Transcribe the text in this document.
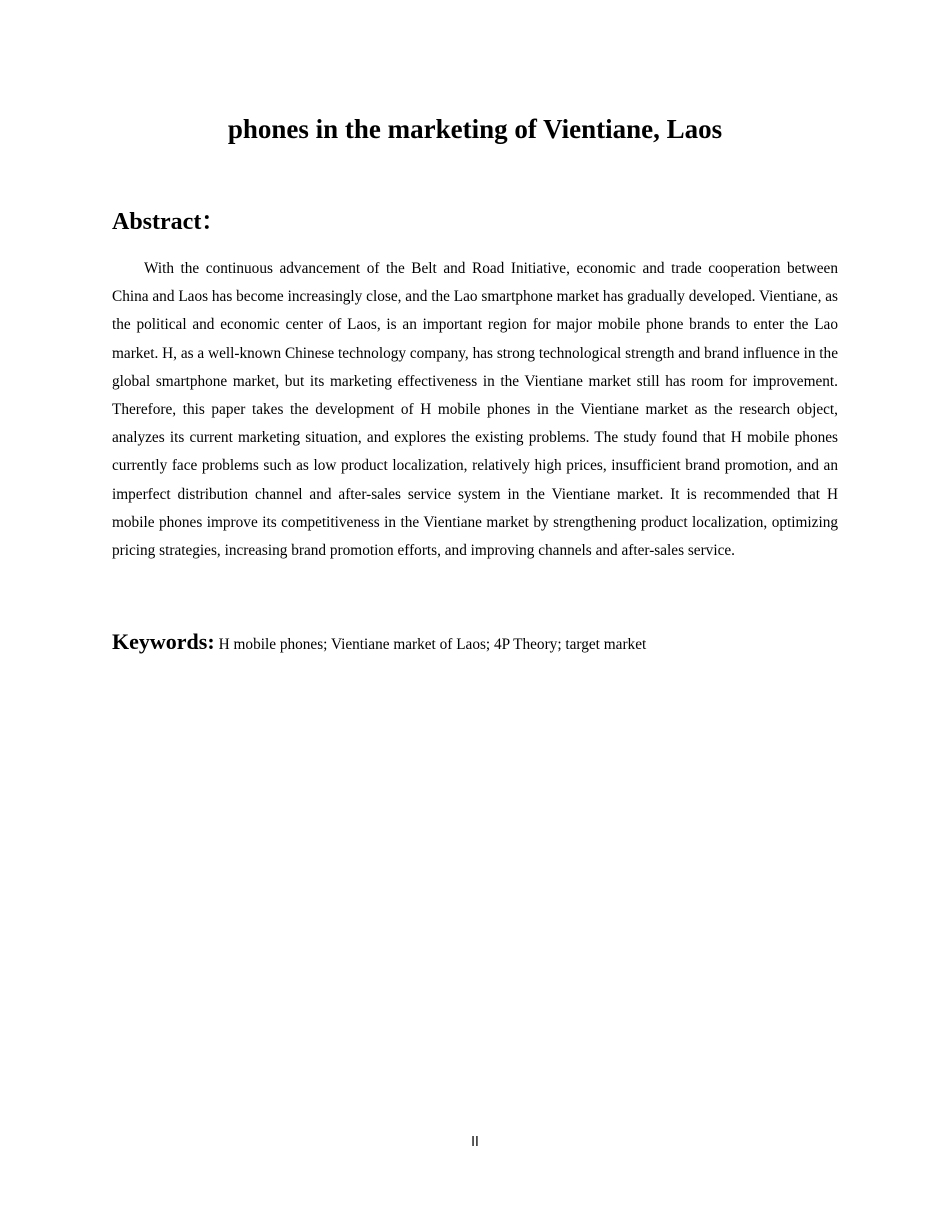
phones in the marketing of Vientiane, Laos
Abstract：

With the continuous advancement of the Belt and Road Initiative, economic and trade cooperation between China and Laos has become increasingly close, and the Lao smartphone market has gradually developed. Vientiane, as the political and economic center of Laos, is an important region for major mobile phone brands to enter the Lao market. H, as a well-known Chinese technology company, has strong technological strength and brand influence in the global smartphone market, but its marketing effectiveness in the Vientiane market still has room for improvement. Therefore, this paper takes the development of H mobile phones in the Vientiane market as the research object, analyzes its current marketing situation, and explores the existing problems. The study found that H mobile phones currently face problems such as low product localization, relatively high prices, insufficient brand promotion, and an imperfect distribution channel and after-sales service system in the Vientiane market. It is recommended that H mobile phones improve its competitiveness in the Vientiane market by strengthening product localization, optimizing pricing strategies, increasing brand promotion efforts, and improving channels and after-sales service.

Keywords: H mobile phones; Vientiane market of Laos; 4P Theory; target market

II
